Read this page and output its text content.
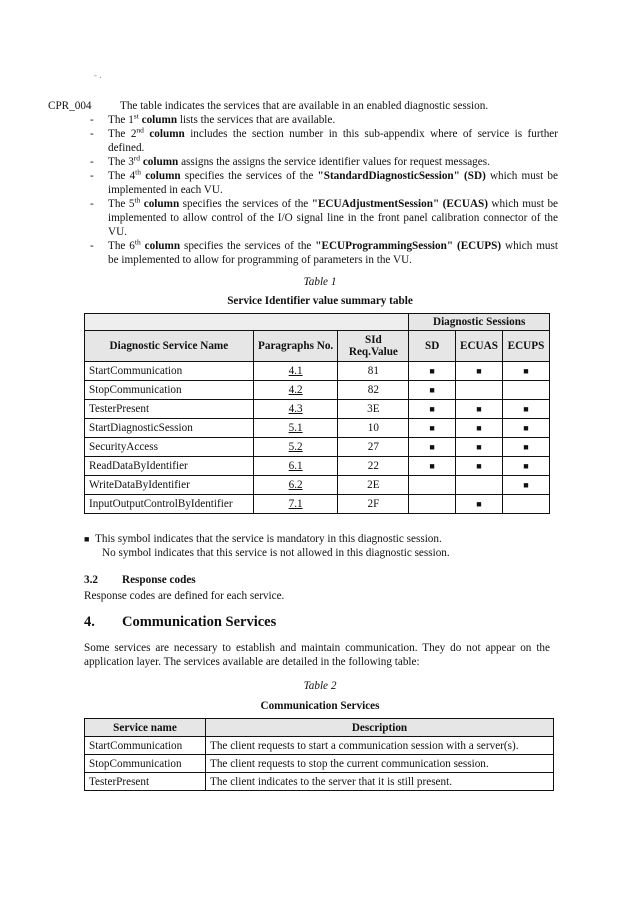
- .
CPR_004	The table indicates the services that are available in an enabled diagnostic session.
- The 1st column lists the services that are available.
- The 2nd column includes the section number in this sub-appendix where of service is further defined.
- The 3rd column assigns the assigns the service identifier values for request messages.
- The 4th column specifies the services of the "StandardDiagnosticSession" (SD) which must be implemented in each VU.
- The 5th column specifies the services of the "ECUAdjustmentSession" (ECUAS) which must be implemented to allow control of the I/O signal line in the front panel calibration connector of the VU.
- The 6th column specifies the services of the "ECUProgrammingSession" (ECUPS) which must be implemented to allow for programming of parameters in the VU.
Table 1
Service Identifier value summary table
			Diagnostic Sessions		
Diagnostic Service Name	Paragraphs No.	SId Req.Value	SD	ECUAS	ECUPS
StartCommunication	4.1	81	■	■	■
StopCommunication	4.2	82	■		
TesterPresent	4.3	3E	■	■	■
StartDiagnosticSession	5.1	10	■	■	■
SecurityAccess	5.2	27	■	■	■
ReadDataByIdentifier	6.1	22	■	■	■
WriteDataByIdentifier	6.2	2E			■
InputOutputControlByIdentifier	7.1	2F		■	
■ This symbol indicates that the service is mandatory in this diagnostic session.
No symbol indicates that this service is not allowed in this diagnostic session.
3.2 Response codes
Response codes are defined for each service.
4. Communication Services
Some services are necessary to establish and maintain communication. They do not appear on the application layer. The services available are detailed in the following table:
Table 2
Communication Services
Service name	Description
StartCommunication	The client requests to start a communication session with a server(s).
StopCommunication	The client requests to stop the current communication session.
TesterPresent	The client indicates to the server that it is still present.
